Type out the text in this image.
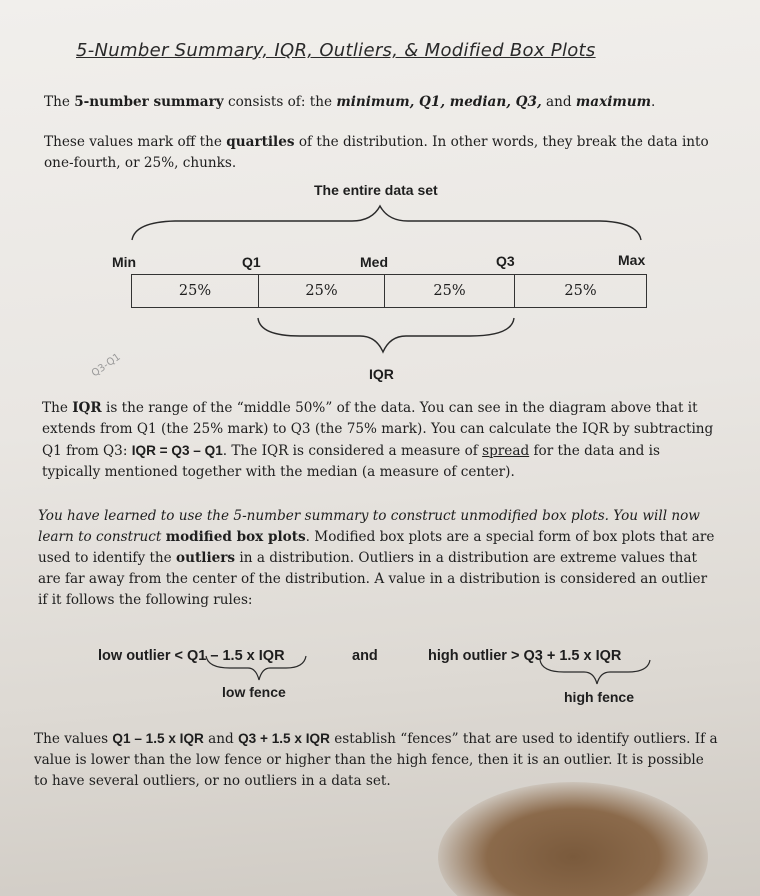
5-Number Summary, IQR, Outliers, & Modified Box Plots
The 5-number summary consists of: the minimum, Q1, median, Q3, and maximum.
These values mark off the quartiles of the distribution. In other words, they break the data into one-fourth, or 25%, chunks.
The entire data set
Min	Q1	Med	Q3	Max
25%	25%	25%	25%
Q3-Q1	IQR
The IQR is the range of the “middle 50%” of the data. You can see in the diagram above that it extends from Q1 (the 25% mark) to Q3 (the 75% mark). You can calculate the IQR by subtracting Q1 from Q3: IQR = Q3 – Q1. The IQR is considered a measure of spread for the data and is typically mentioned together with the median (a measure of center).
You have learned to use the 5-number summary to construct unmodified box plots. You will now learn to construct modified box plots. Modified box plots are a special form of box plots that are used to identify the outliers in a distribution. Outliers in a distribution are extreme values that are far away from the center of the distribution. A value in a distribution is considered an outlier if it follows the following rules:
low outlier < Q1 – 1.5 x IQR	and	high outlier > Q3 + 1.5 x IQR
low fence	high fence
The values Q1 – 1.5 x IQR and Q3 + 1.5 x IQR establish “fences” that are used to identify outliers. If a value is lower than the low fence or higher than the high fence, then it is an outlier. It is possible to have several outliers, or no outliers in a data set.
